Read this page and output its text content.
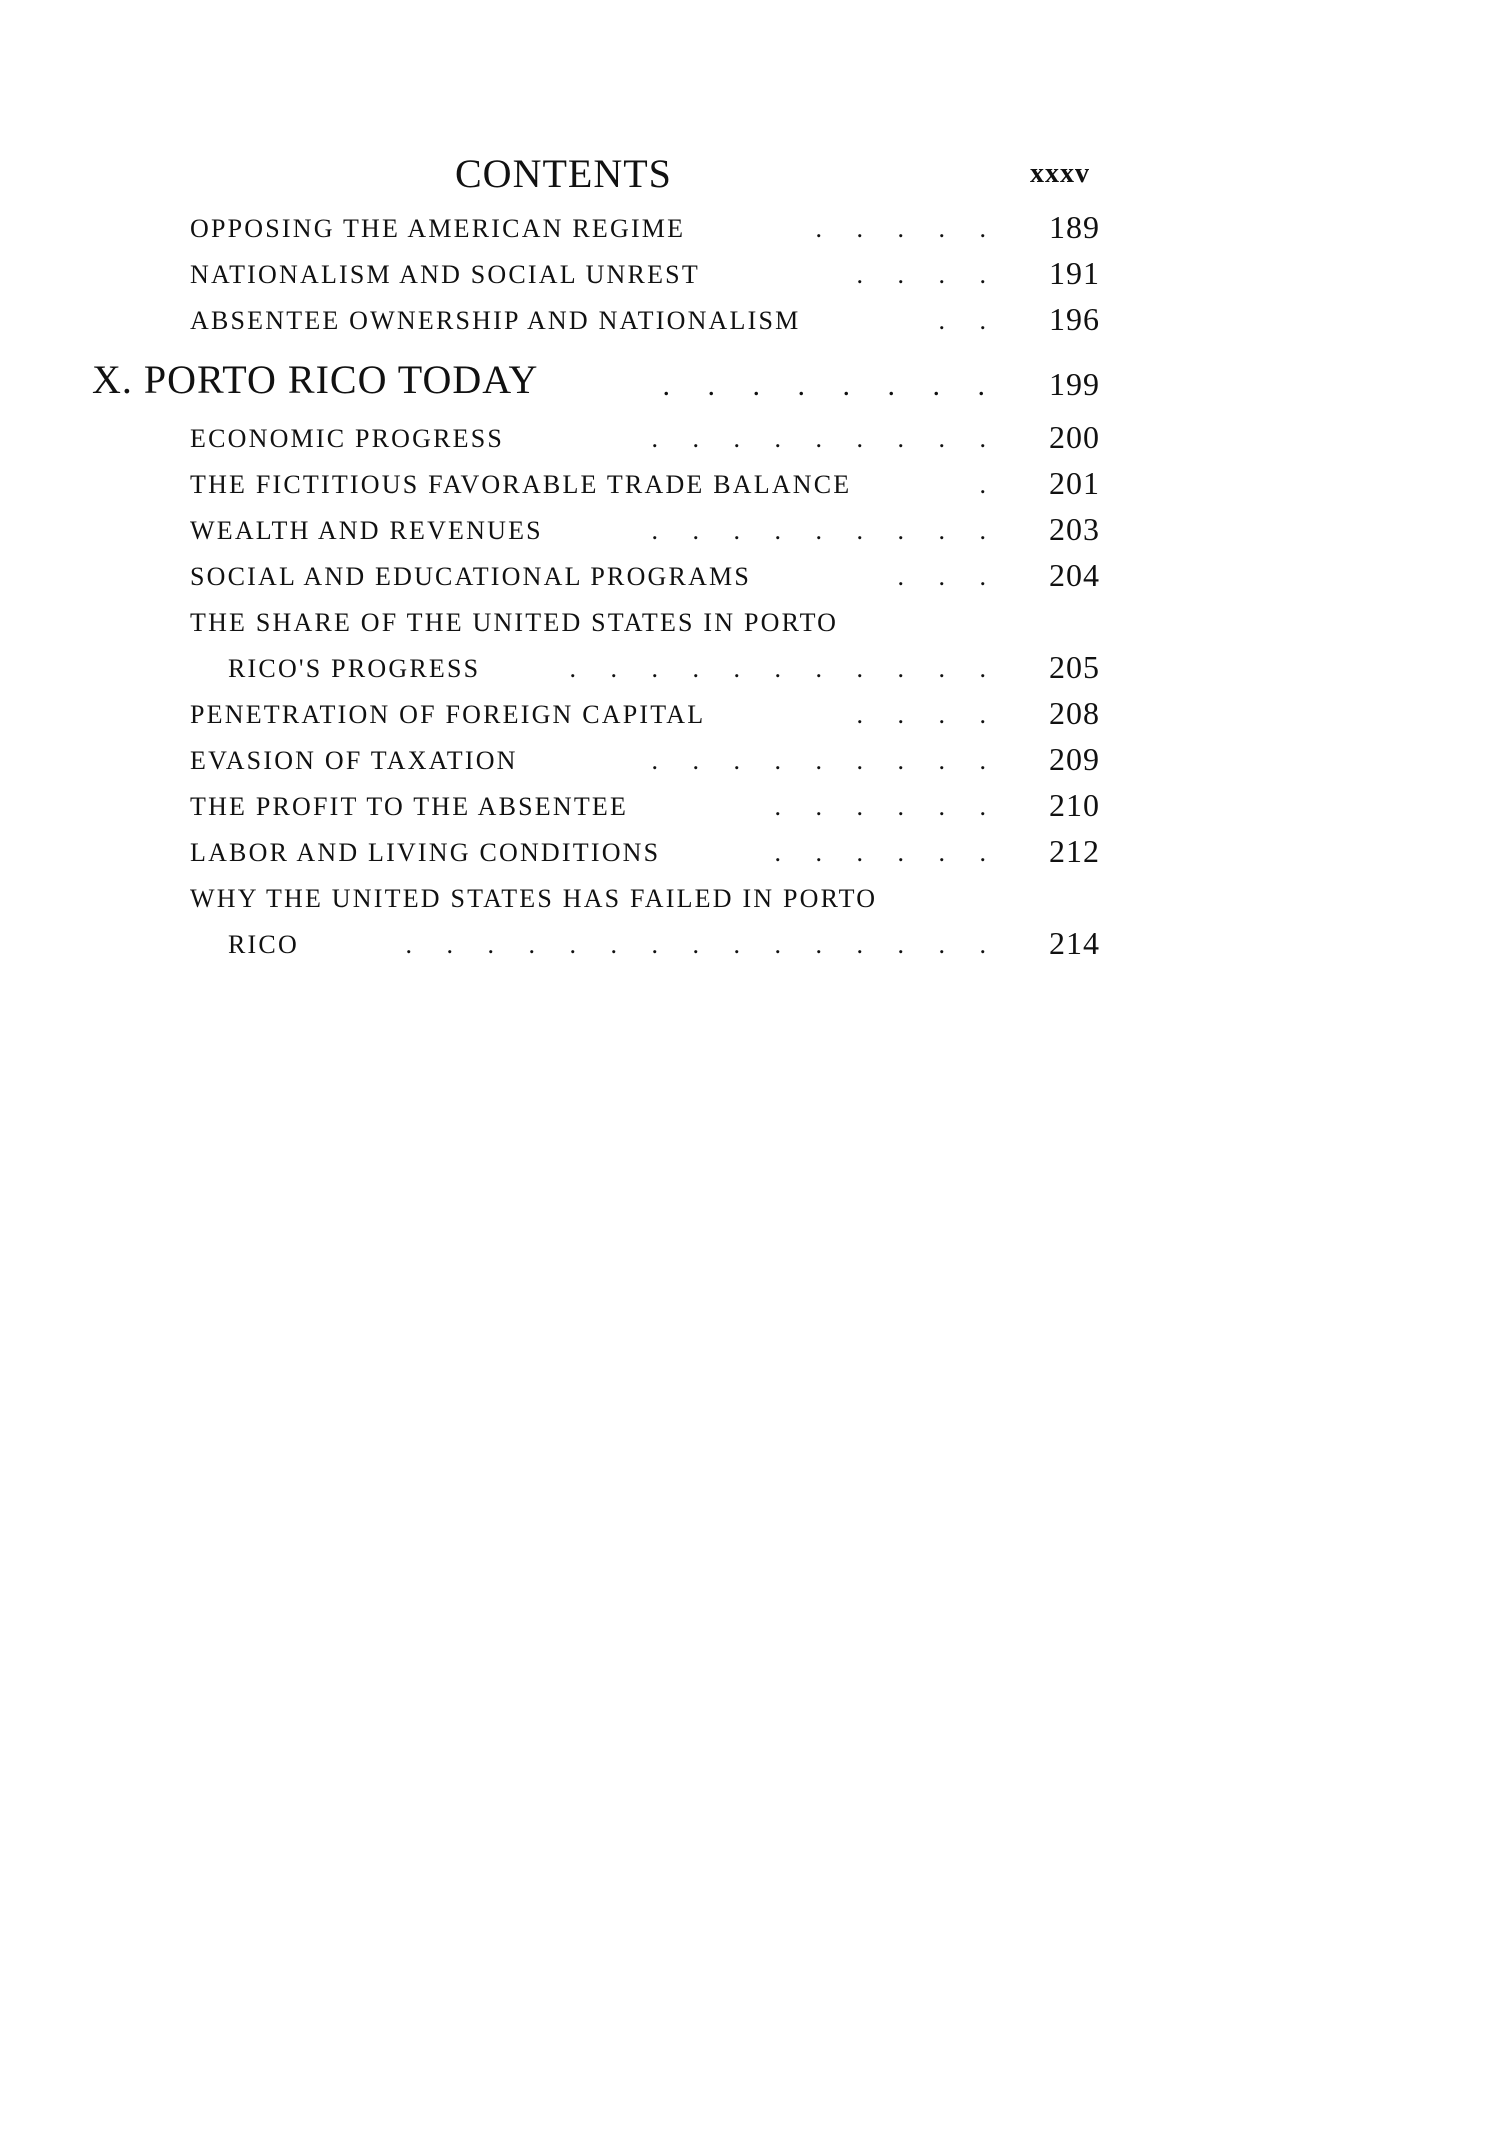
CONTENTS	xxxv
OPPOSING THE AMERICAN REGIME	. . . . . 189
NATIONALISM AND SOCIAL UNREST	. . . . 191
ABSENTEE OWNERSHIP AND NATIONALISM	. . 196
X. PORTO RICO TODAY	. . . . . . . . 199
ECONOMIC PROGRESS	. . . . . . . . . 200
THE FICTITIOUS FAVORABLE TRADE BALANCE	. 201
WEALTH AND REVENUES	. . . . . . . . . 203
SOCIAL AND EDUCATIONAL PROGRAMS	. . . 204
THE SHARE OF THE UNITED STATES IN PORTO
RICO'S PROGRESS	. . . . . . . . . . . 205
PENETRATION OF FOREIGN CAPITAL	. . . . 208
EVASION OF TAXATION	. . . . . . . . . 209
THE PROFIT TO THE ABSENTEE	. . . . . . 210
LABOR AND LIVING CONDITIONS	. . . . . . 212
WHY THE UNITED STATES HAS FAILED IN PORTO
RICO	. . . . . . . . . . . . . . . 214
